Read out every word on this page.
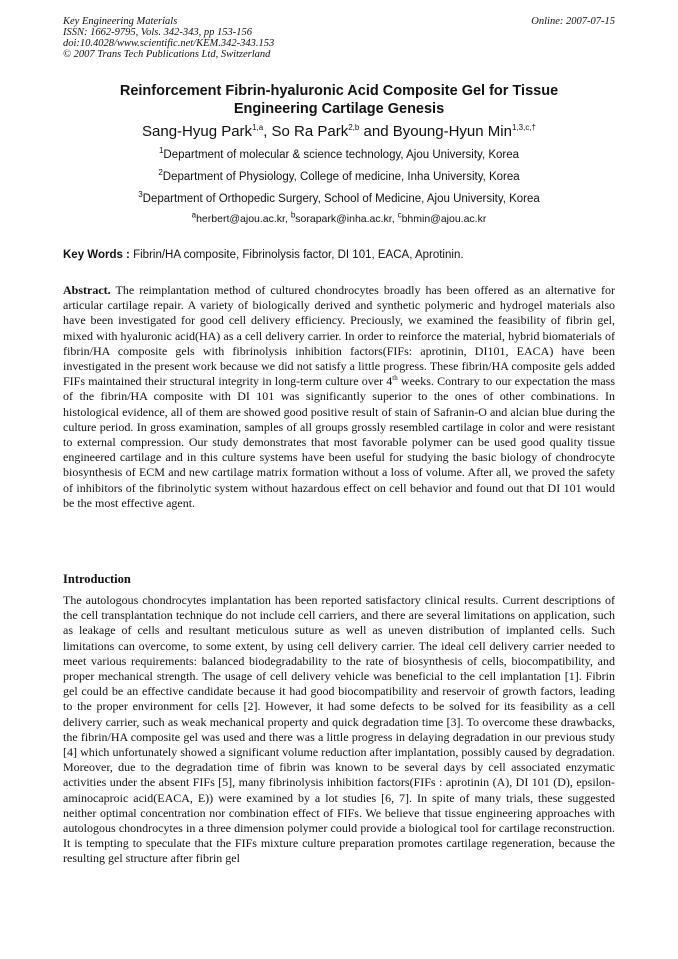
Key Engineering Materials	Online: 2007-07-15
ISSN: 1662-9795, Vols. 342-343, pp 153-156
doi:10.4028/www.scientific.net/KEM.342-343.153
© 2007 Trans Tech Publications Ltd, Switzerland
Reinforcement Fibrin-hyaluronic Acid Composite Gel for Tissue
Engineering Cartilage Genesis
Sang-Hyug Park$^{1,a}$, So Ra Park$^{2,b}$ and Byoung-Hyun Min$^{1,3,c,\dagger}$
$^1$Department of molecular & science technology, Ajou University, Korea
$^2$Department of Physiology, College of medicine, Inha University, Korea
$^3$Department of Orthopedic Surgery, School of Medicine, Ajou University, Korea
$^a$herbert@ajou.ac.kr, $^b$sorapark@inha.ac.kr, $^c$bhmin@ajou.ac.kr
Key Words : Fibrin/HA composite, Fibrinolysis factor, DI 101, EACA, Aprotinin.
Abstract. The reimplantation method of cultured chondrocytes broadly has been offered as an alternative for articular cartilage repair. A variety of biologically derived and synthetic polymeric and hydrogel materials also have been investigated for good cell delivery efficiency. Preciously, we examined the feasibility of fibrin gel, mixed with hyaluronic acid(HA) as a cell delivery carrier. In order to reinforce the material, hybrid biomaterials of fibrin/HA composite gels with fibrinolysis inhibition factors(FIFs: aprotinin, DI101, EACA) have been investigated in the present work because we did not satisfy a little progress. These fibrin/HA composite gels added FIFs maintained their structural integrity in long-term culture over 4th weeks. Contrary to our expectation the mass of the fibrin/HA composite with DI 101 was significantly superior to the ones of other combinations. In histological evidence, all of them are showed good positive result of stain of Safranin-O and alcian blue during the culture period. In gross examination, samples of all groups grossly resembled cartilage in color and were resistant to external compression. Our study demonstrates that most favorable polymer can be used good quality tissue engineered cartilage and in this culture systems have been useful for studying the basic biology of chondrocyte biosynthesis of ECM and new cartilage matrix formation without a loss of volume. After all, we proved the safety of inhibitors of the fibrinolytic system without hazardous effect on cell behavior and found out that DI 101 would be the most effective agent.
Introduction
The autologous chondrocytes implantation has been reported satisfactory clinical results. Current descriptions of the cell transplantation technique do not include cell carriers, and there are several limitations on application, such as leakage of cells and resultant meticulous suture as well as uneven distribution of implanted cells. Such limitations can overcome, to some extent, by using cell delivery carrier. The ideal cell delivery carrier needed to meet various requirements: balanced biodegradability to the rate of biosynthesis of cells, biocompatibility, and proper mechanical strength. The usage of cell delivery vehicle was beneficial to the cell implantation [1]. Fibrin gel could be an effective candidate because it had good biocompatibility and reservoir of growth factors, leading to the proper environment for cells [2]. However, it had some defects to be solved for its feasibility as a cell delivery carrier, such as weak mechanical property and quick degradation time [3]. To overcome these drawbacks, the fibrin/HA composite gel was used and there was a little progress in delaying degradation in our previous study [4] which unfortunately showed a significant volume reduction after implantation, possibly caused by degradation. Moreover, due to the degradation time of fibrin was known to be several days by cell associated enzymatic activities under the absent FIFs [5], many fibrinolysis inhibition factors(FIFs : aprotinin (A), DI 101 (D), epsilon-aminocaproic acid(EACA, E)) were examined by a lot studies [6, 7]. In spite of many trials, these suggested neither optimal concentration nor combination effect of FIFs. We believe that tissue engineering approaches with autologous chondrocytes in a three dimension polymer could provide a biological tool for cartilage reconstruction. It is tempting to speculate that the FIFs mixture culture preparation promotes cartilage regeneration, because the resulting gel structure after fibrin gel
